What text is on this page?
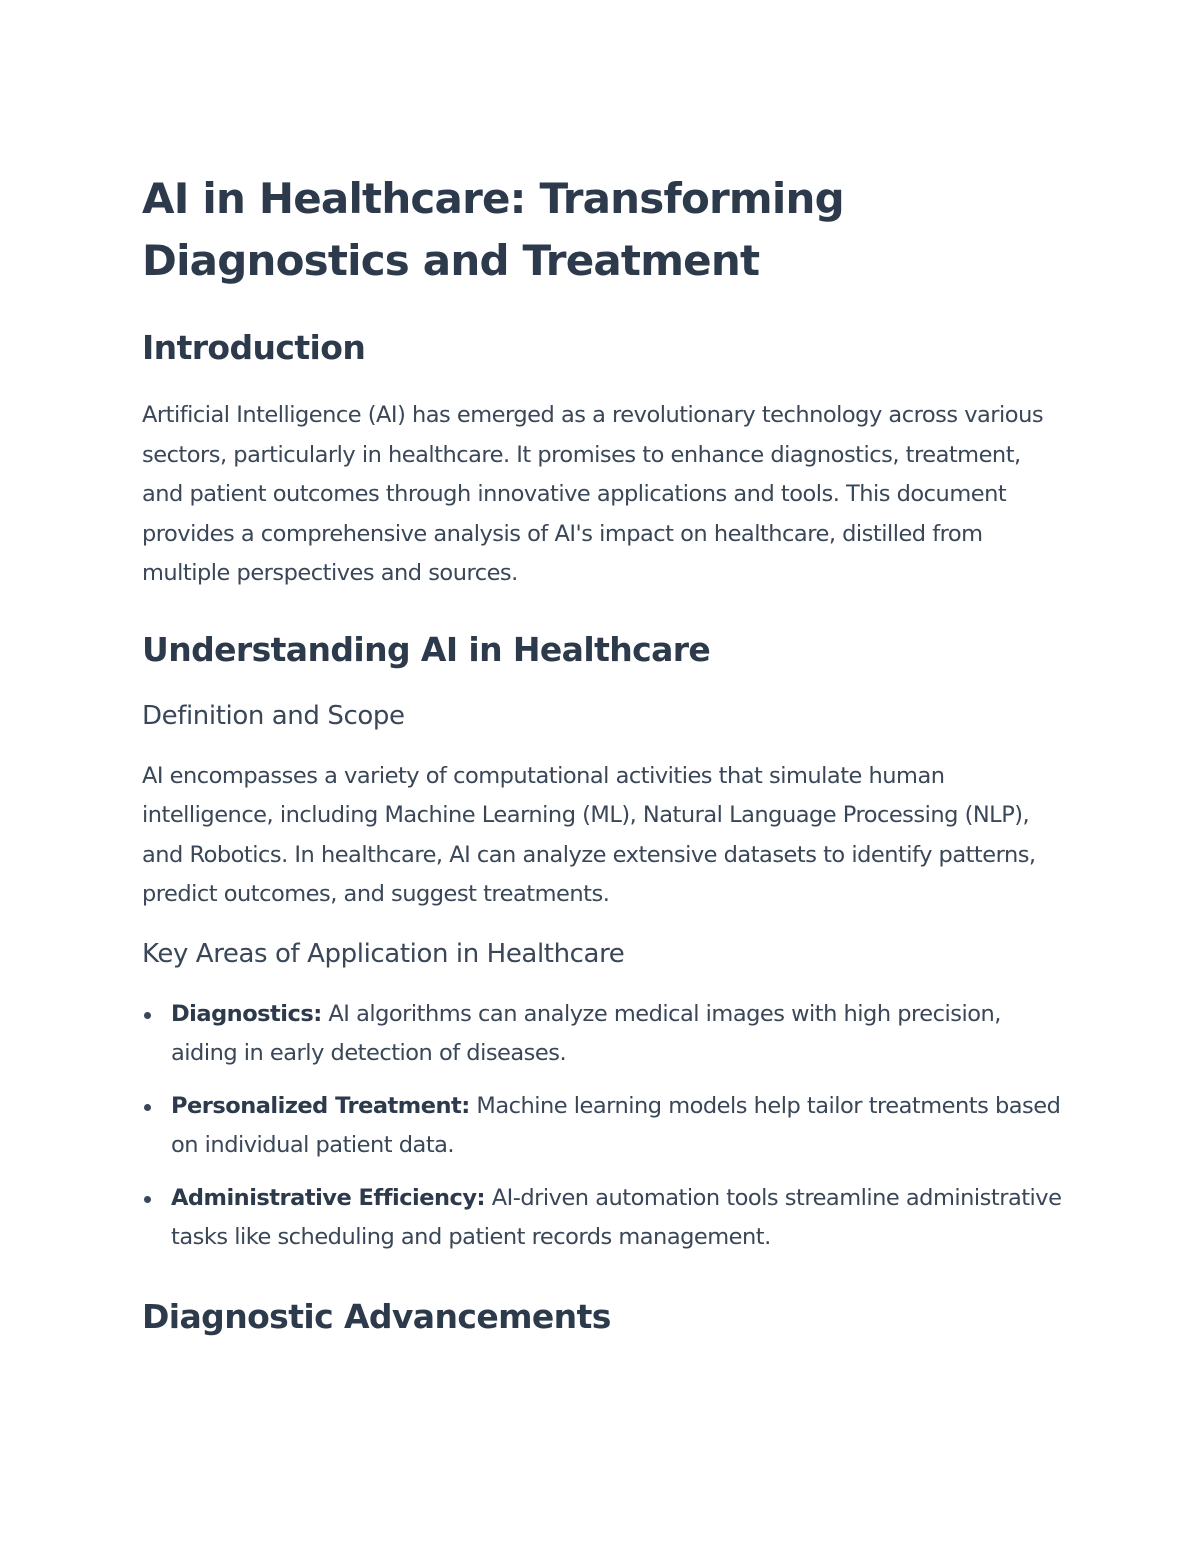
AI in Healthcare: Transforming Diagnostics and Treatment
Introduction

Artificial Intelligence (AI) has emerged as a revolutionary technology across various sectors, particularly in healthcare. It promises to enhance diagnostics, treatment, and patient outcomes through innovative applications and tools. This document provides a comprehensive analysis of AI's impact on healthcare, distilled from multiple perspectives and sources.

Understanding AI in Healthcare
Definition and Scope

AI encompasses a variety of computational activities that simulate human intelligence, including Machine Learning (ML), Natural Language Processing (NLP), and Robotics. In healthcare, AI can analyze extensive datasets to identify patterns, predict outcomes, and suggest treatments.

Key Areas of Application in Healthcare
Diagnostics: AI algorithms can analyze medical images with high precision, aiding in early detection of diseases.
Personalized Treatment: Machine learning models help tailor treatments based on individual patient data.
Administrative Efficiency: AI-driven automation tools streamline administrative tasks like scheduling and patient records management.
Diagnostic Advancements
